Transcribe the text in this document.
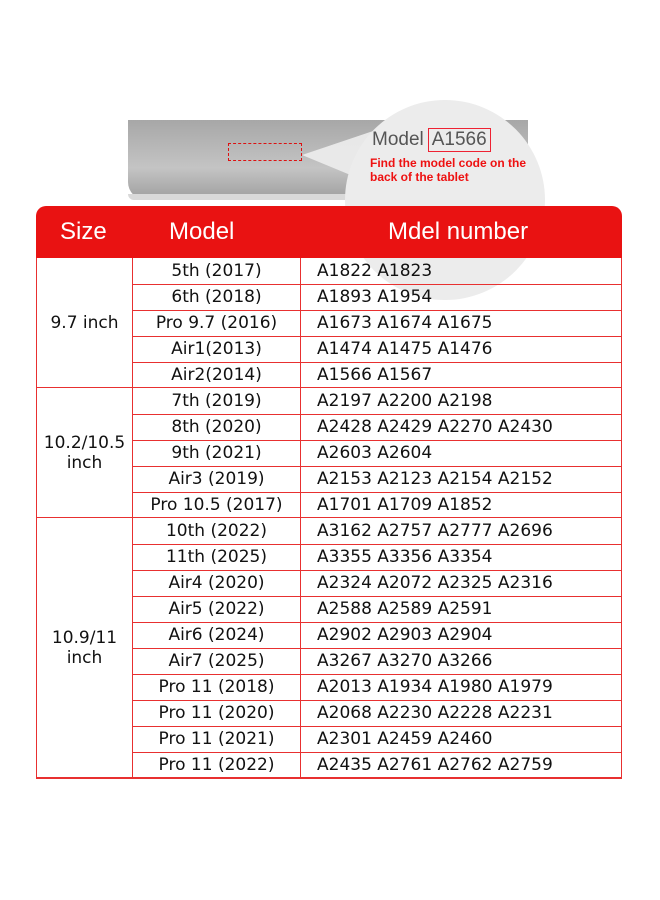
Model A1566
Find the model code on the back of the tablet
Size	Model	Mdel number
9.7 inch
5th (2017)	A1822 A1823
6th (2018)	A1893 A1954
Pro 9.7 (2016)	A1673 A1674 A1675
Air1(2013)	A1474 A1475 A1476
Air2(2014)	A1566 A1567
10.2/10.5 inch
7th (2019)	A2197 A2200 A2198
8th (2020)	A2428 A2429 A2270 A2430
9th (2021)	A2603 A2604
Air3 (2019)	A2153 A2123 A2154 A2152
Pro 10.5 (2017)	A1701 A1709 A1852
10.9/11 inch
10th (2022)	A3162 A2757 A2777 A2696
11th (2025)	A3355 A3356 A3354
Air4 (2020)	A2324 A2072 A2325 A2316
Air5 (2022)	A2588 A2589 A2591
Air6 (2024)	A2902 A2903 A2904
Air7 (2025)	A3267 A3270 A3266
Pro 11 (2018)	A2013 A1934 A1980 A1979
Pro 11 (2020)	A2068 A2230 A2228 A2231
Pro 11 (2021)	A2301 A2459 A2460
Pro 11 (2022)	A2435 A2761 A2762 A2759
